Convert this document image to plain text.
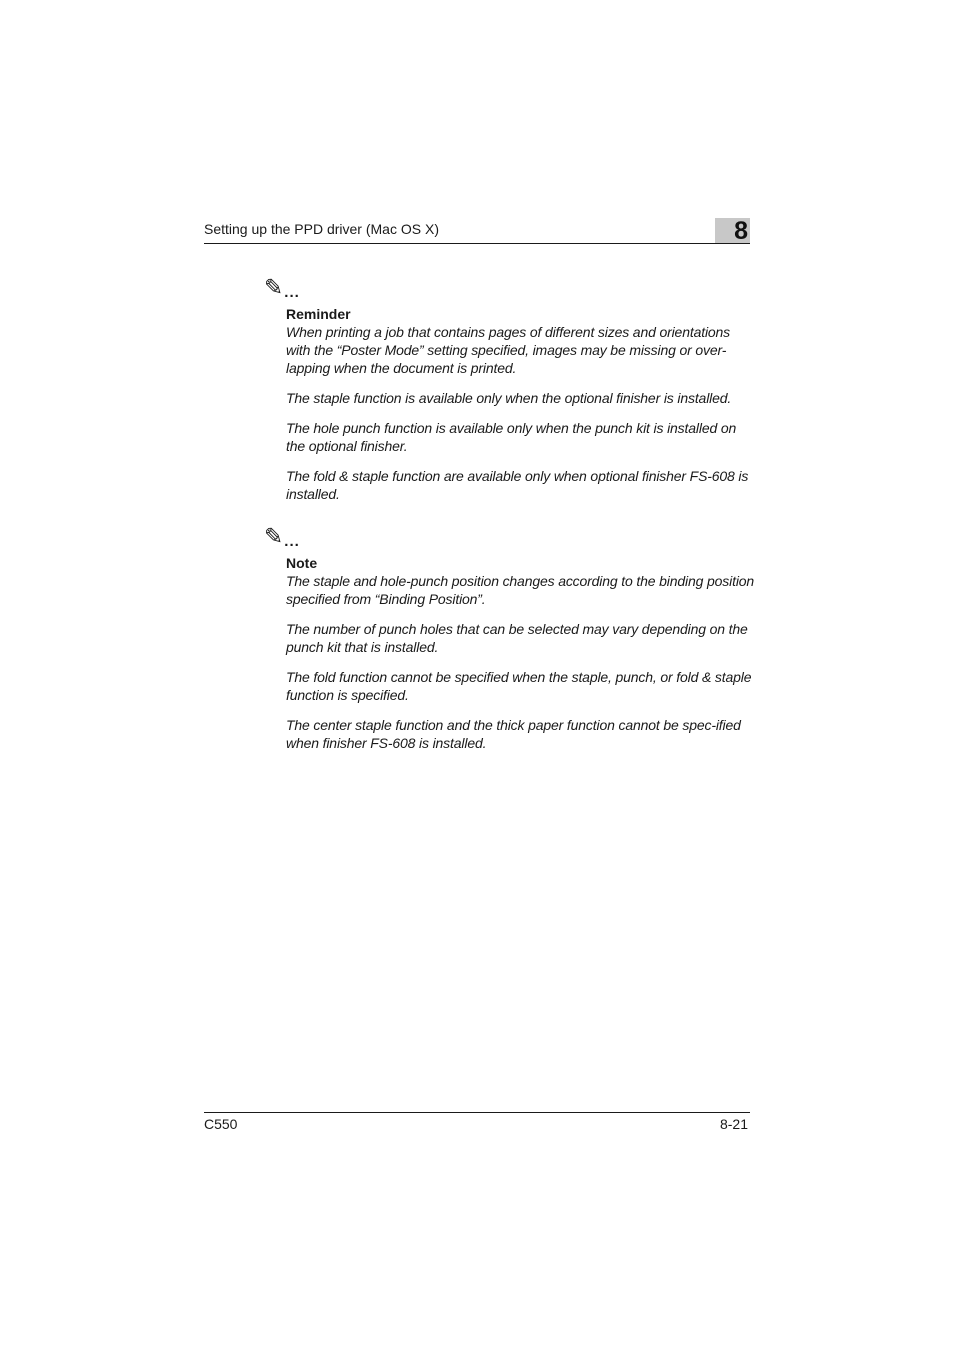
Setting up the PPD driver (Mac OS X)	8
✎...
Reminder
When printing a job that contains pages of different sizes and orientations with the “Poster Mode” setting specified, images may be missing or over-lapping when the document is printed.
The staple function is available only when the optional finisher is installed.
The hole punch function is available only when the punch kit is installed on the optional finisher.
The fold & staple function are available only when optional finisher FS-608 is installed.
✎...
Note
The staple and hole-punch position changes according to the binding position specified from “Binding Position”.
The number of punch holes that can be selected may vary depending on the punch kit that is installed.
The fold function cannot be specified when the staple, punch, or fold & staple function is specified.
The center staple function and the thick paper function cannot be spec-ified when finisher FS-608 is installed.
C550	8-21
